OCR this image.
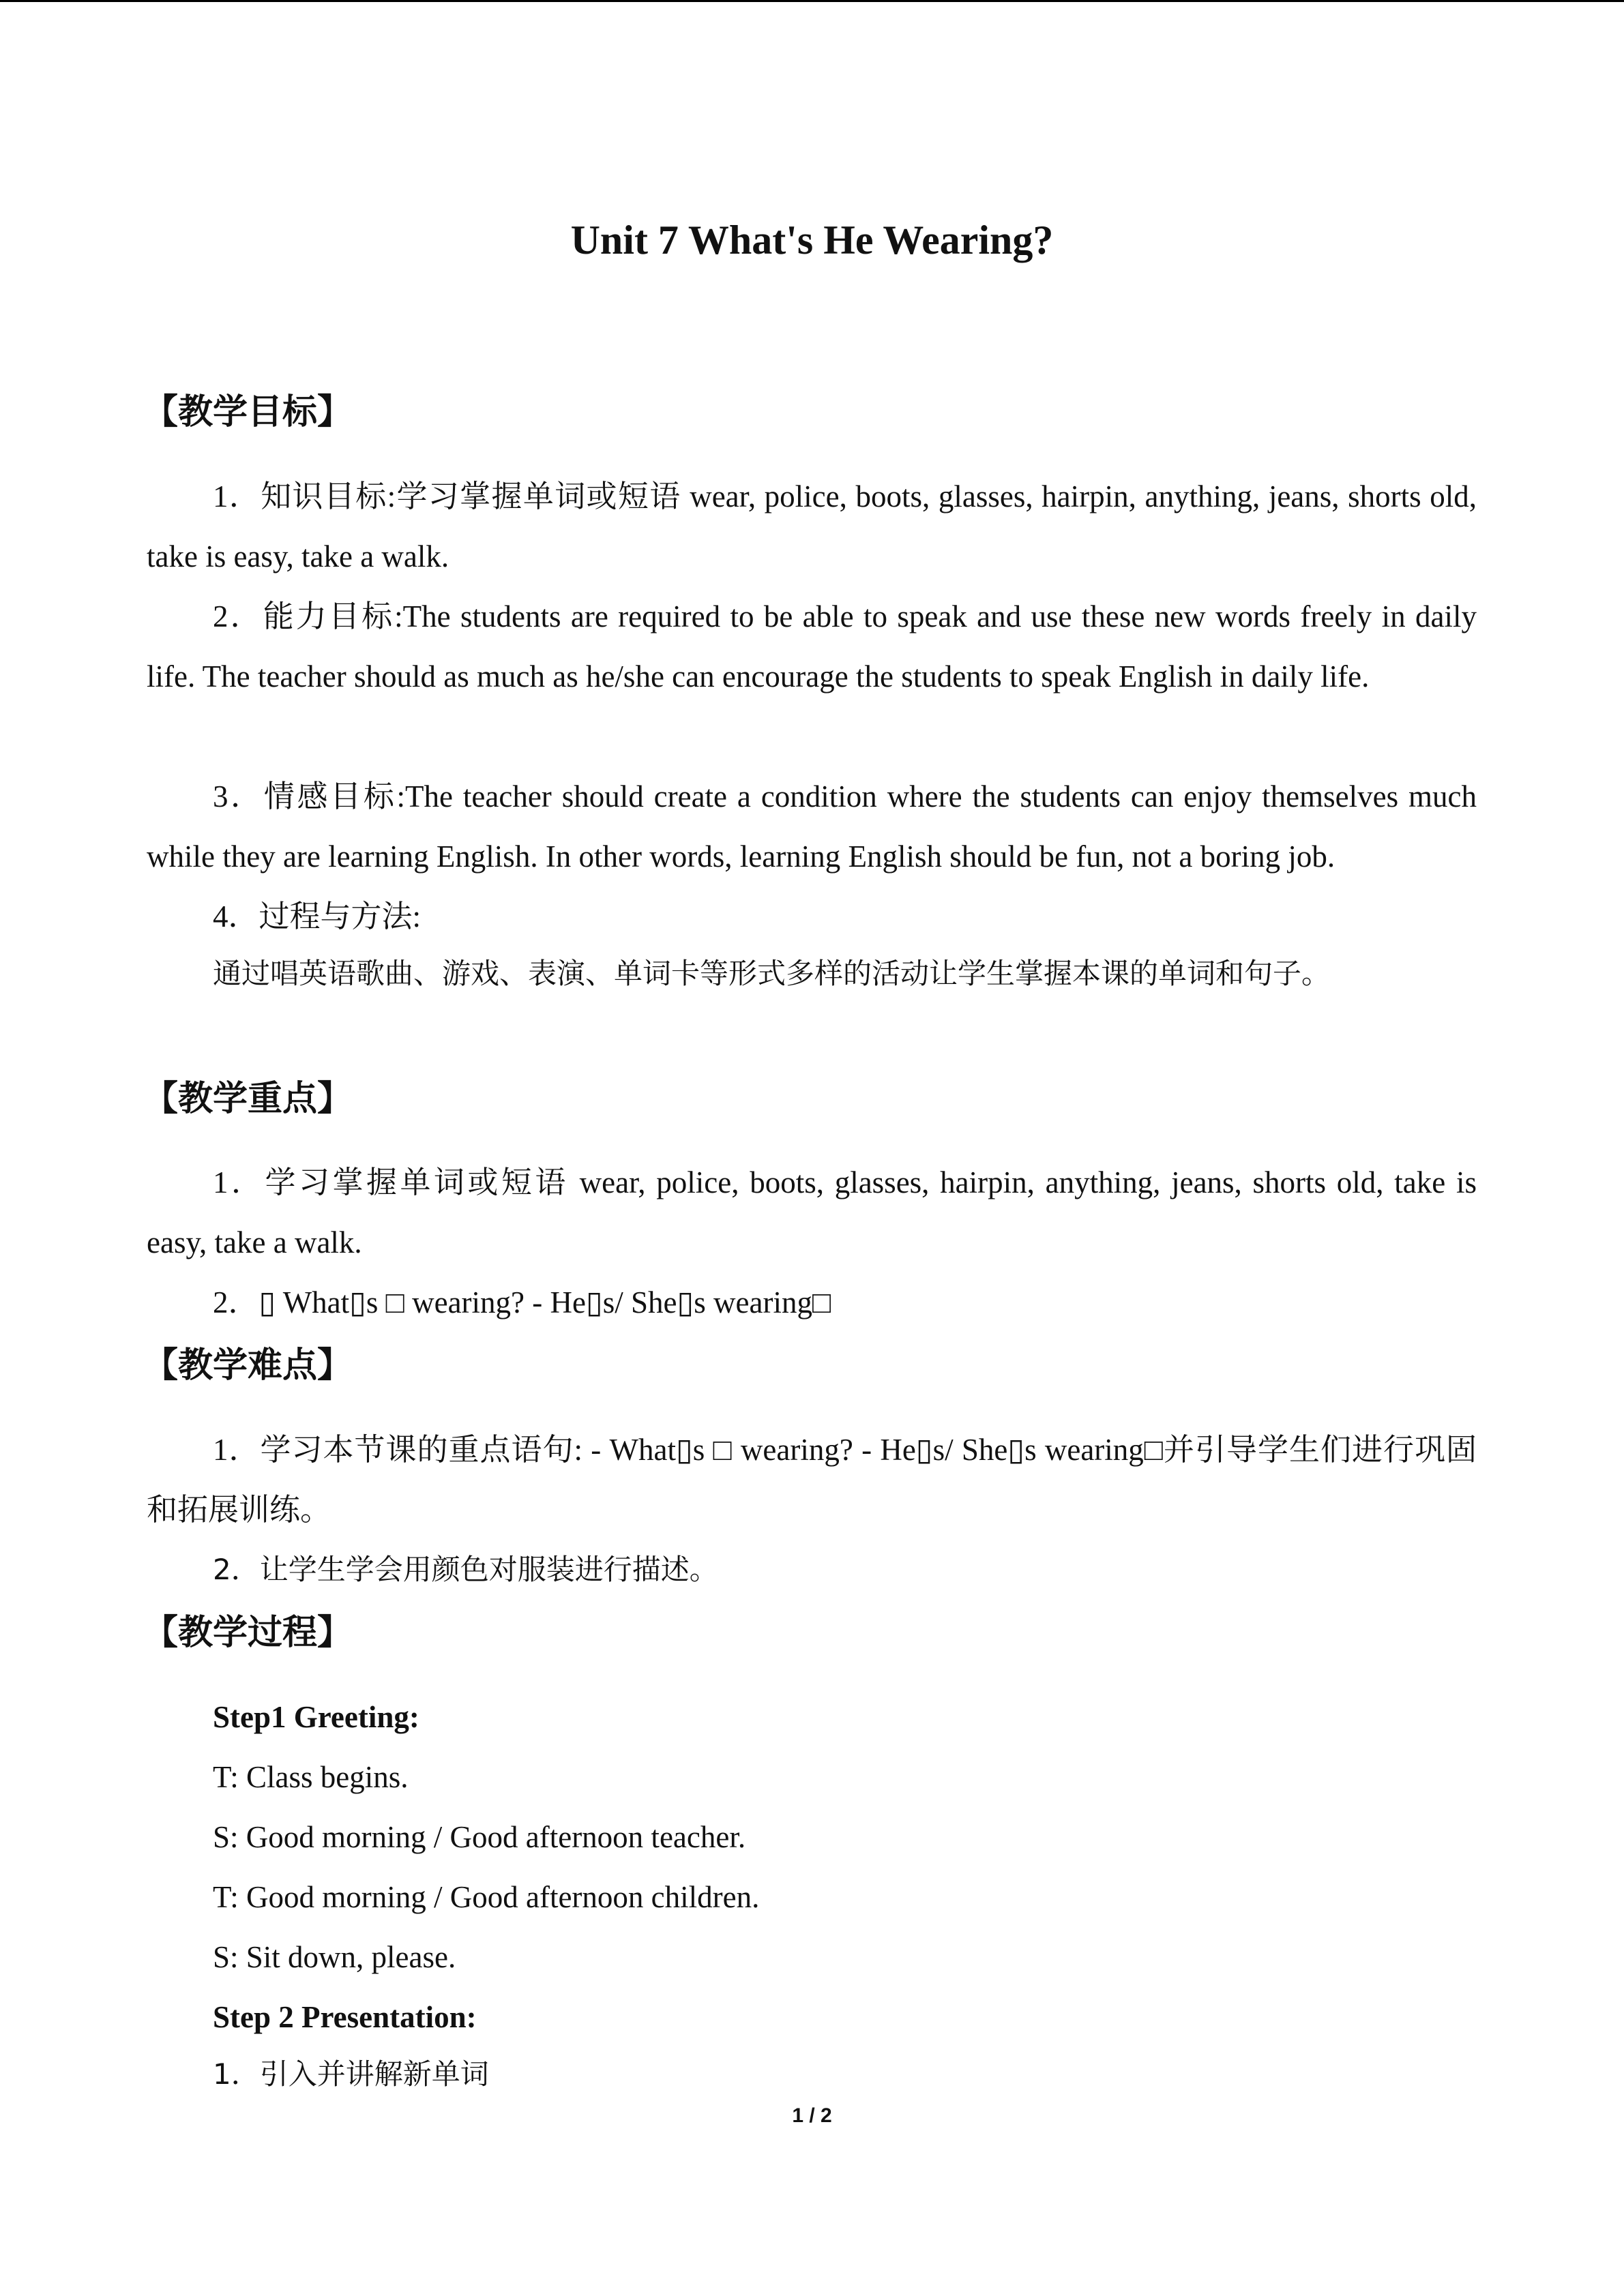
Unit 7 What's He Wearing?
【教学目标】
1．知识目标:学习掌握单词或短语 wear, police, boots, glasses, hairpin, anything, jeans, shorts old, take is easy, take a walk.
2．能力目标:The students are required to be able to speak and use these new words freely in daily life. The teacher should as much as he/she can encourage the students to speak English in daily life.
3．情感目标:The teacher should create a condition where the students can enjoy themselves much while they are learning English. In other words, learning English should be fun, not a boring job.
4．过程与方法:
通过唱英语歌曲、游戏、表演、单词卡等形式多样的活动让学生掌握本课的单词和句子。
【教学重点】
1．学习掌握单词或短语 wear, police, boots, glasses, hairpin, anything, jeans, shorts old, take is easy, take a walk.
2．▯ What▯s □ wearing? - He▯s/ She▯s wearing□
【教学难点】
1．学习本节课的重点语句: - What▯s □ wearing? - He▯s/ She▯s wearing□并引导学生们进行巩固和拓展训练。
2．让学生学会用颜色对服装进行描述。
【教学过程】
Step1 Greeting:
T: Class begins.
S: Good morning / Good afternoon teacher.
T: Good morning / Good afternoon children.
S: Sit down, please.
Step 2 Presentation:
1．引入并讲解新单词
1 / 2
